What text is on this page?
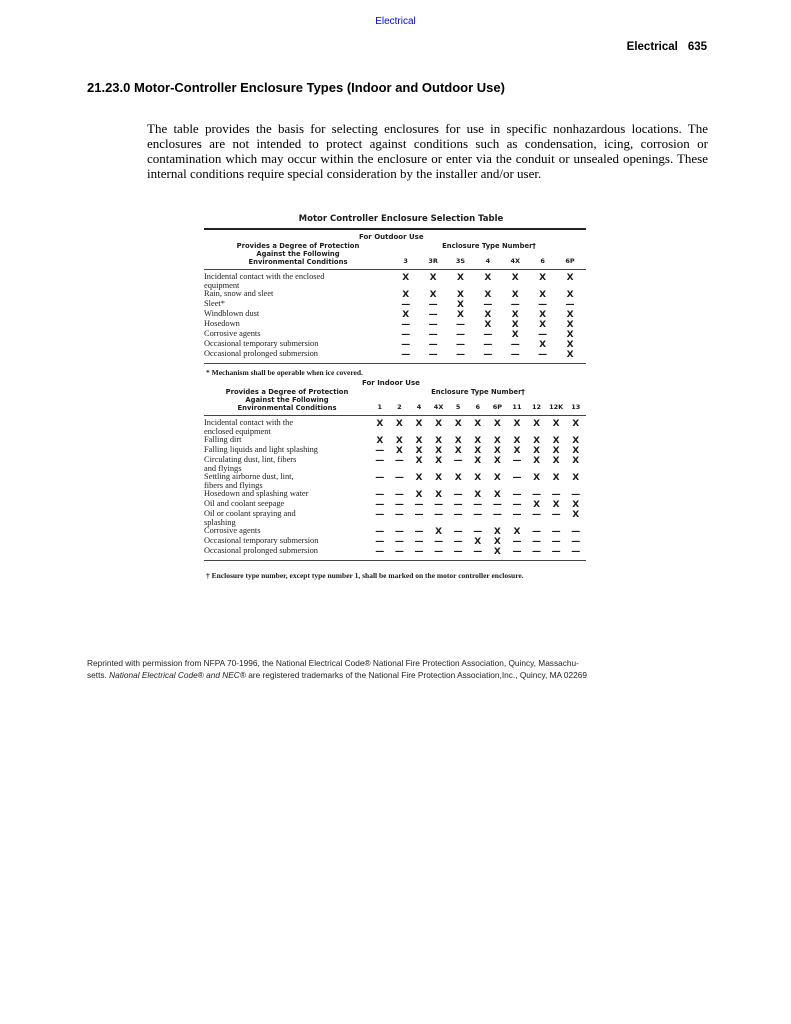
Electrical
Electrical 635
21.23.0 Motor-Controller Enclosure Types (Indoor and Outdoor Use)

The table provides the basis for selecting enclosures for use in specific nonhazardous locations. The enclosures are not intended to protect against conditions such as condensation, icing, corrosion or contamination which may occur within the enclosure or enter via the conduit or unsealed openings. These internal conditions require special consideration by the installer and/or user.

Motor Controller Enclosure Selection Table
For Outdoor Use
Provides a Degree of Protection
Against the Following
Environmental Conditions
Enclosure Type Number†
3	3R	3S	4	4X	6	6P
Incidental contact with the enclosed
equipment
X	X	X	X	X	X	X
Rain, snow and sleet	X	X	X	X	X	X	X
Sleet*	—	—	X	—	—	—	—
Windblown dust	X	—	X	X	X	X	X
Hosedown	—	—	—	X	X	X	X
Corrosive agents	—	—	—	—	X	—	X
Occasional temporary submersion	—	—	—	—	—	X	X
Occasional prolonged submersion	—	—	—	—	—	—	X
* Mechanism shall be operable when ice covered.
For Indoor Use
Provides a Degree of Protection
Against the Following
Environmental Conditions
Enclosure Type Number†
1	2	4	4X	5	6	6P	11	12	12K	13
Incidental contact with the
enclosed equipment
X	X	X	X	X	X	X	X	X	X	X
Falling dirt	X	X	X	X	X	X	X	X	X	X	X
Falling liquids and light splashing	—	X	X	X	X	X	X	X	X	X	X
Circulating dust, lint, fibers
and flyings
—	—	X	X	—	X	X	—	X	X	X
Settling airborne dust, lint,
fibers and flyings
—	—	X	X	X	X	X	—	X	X	X
Hosedown and splashing water	—	—	X	X	—	X	X	—	—	—	—
Oil and coolant seepage	—	—	—	—	—	—	—	—	X	X	X
Oil or coolant spraying and
splashing
—	—	—	—	—	—	—	—	—	—	X
Corrosive agents	—	—	—	X	—	—	X	X	—	—	—
Occasional temporary submersion	—	—	—	—	—	X	X	—	—	—	—
Occasional prolonged submersion	—	—	—	—	—	—	X	—	—	—	—
† Enclosure type number, except type number 1, shall be marked on the motor controller enclosure.
Reprinted with permission from NFPA 70-1996, the National Electrical Code® National Fire Protection Association, Quincy, Massachu-
setts. National Electrical Code® and NEC® are registered trademarks of the National Fire Protection Association,Inc., Quincy, MA 02269
